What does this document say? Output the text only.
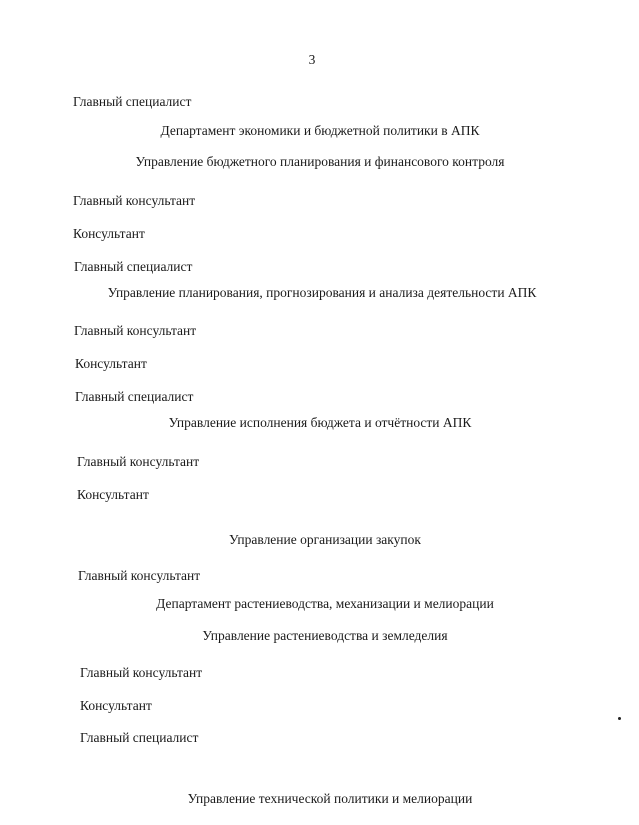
3
Главный специалист
Департамент экономики и бюджетной политики в АПК
Управление бюджетного планирования и финансового контроля
Главный консультант
Консультант
Главный специалист
Управление планирования, прогнозирования и анализа деятельности АПК
Главный консультант
Консультант
Главный специалист
Управление исполнения бюджета и отчётности АПК
Главный консультант
Консультант
Управление организации закупок
Главный консультант
Департамент растениеводства, механизации и мелиорации
Управление растениеводства и земледелия
Главный консультант
Консультант
Главный специалист
Управление технической политики и мелиорации
